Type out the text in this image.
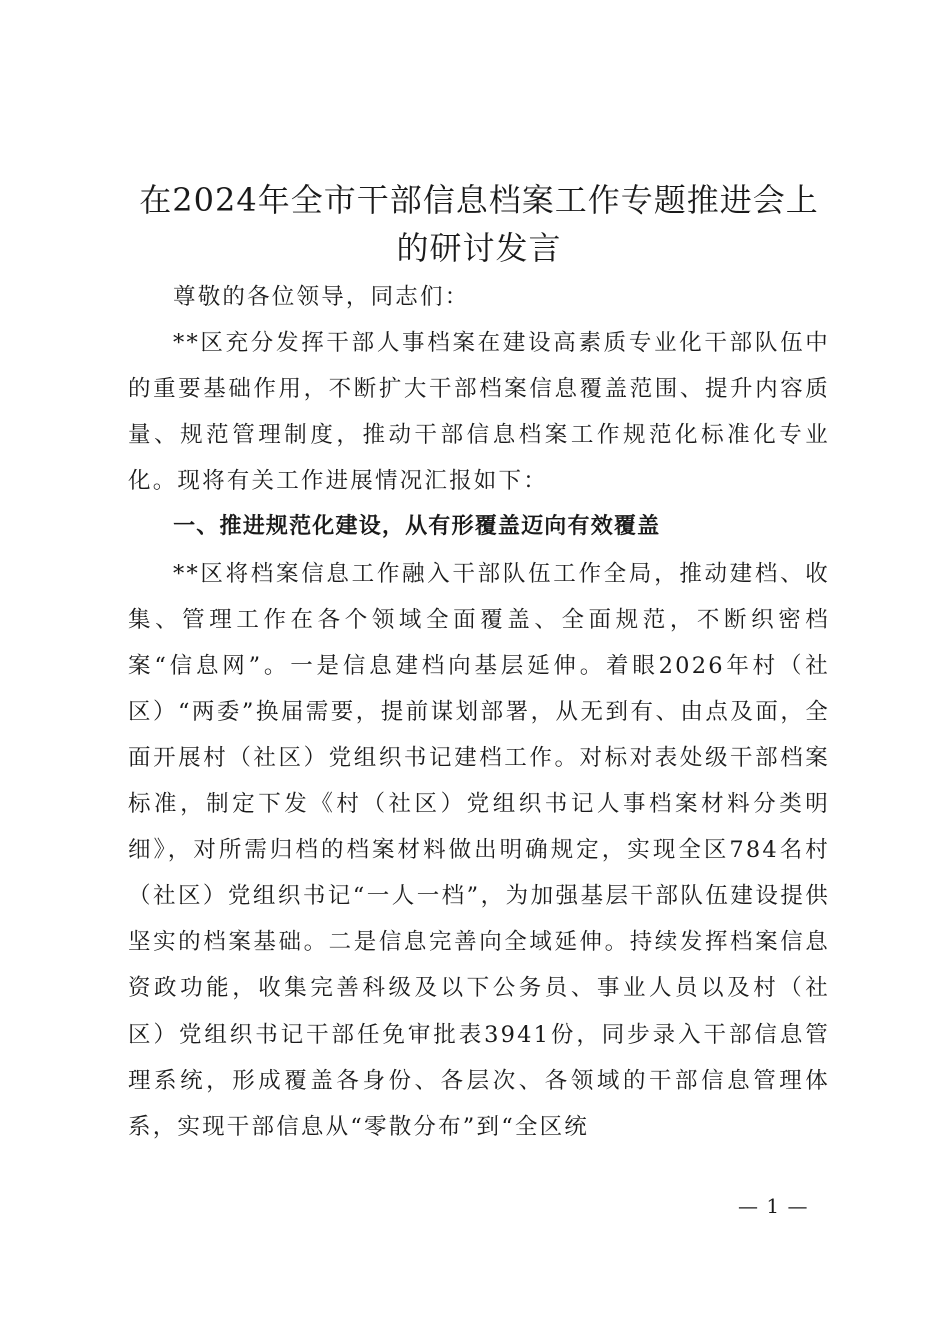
在2024年全市干部信息档案工作专题推进会上的研讨发言

尊敬的各位领导，同志们：

**区充分发挥干部人事档案在建设高素质专业化干部队伍中的重要基础作用，不断扩大干部档案信息覆盖范围、提升内容质量、规范管理制度，推动干部信息档案工作规范化标准化专业化。现将有关工作进展情况汇报如下：

一、推进规范化建设，从有形覆盖迈向有效覆盖

**区将档案信息工作融入干部队伍工作全局，推动建档、收集、管理工作在各个领域全面覆盖、全面规范，不断织密档案“信息网”。一是信息建档向基层延伸。着眼2026年村（社区）“两委”换届需要，提前谋划部署，从无到有、由点及面，全面开展村（社区）党组织书记建档工作。对标对表处级干部档案标准，制定下发《村（社区）党组织书记人事档案材料分类明细》，对所需归档的档案材料做出明确规定，实现全区784名村（社区）党组织书记“一人一档”，为加强基层干部队伍建设提供坚实的档案基础。二是信息完善向全域延伸。持续发挥档案信息资政功能，收集完善科级及以下公务员、事业人员以及村（社区）党组织书记干部任免审批表3941份，同步录入干部信息管理系统，形成覆盖各身份、各层次、各领域的干部信息管理体系，实现干部信息从“零散分布”到“全区统

— 1 —
